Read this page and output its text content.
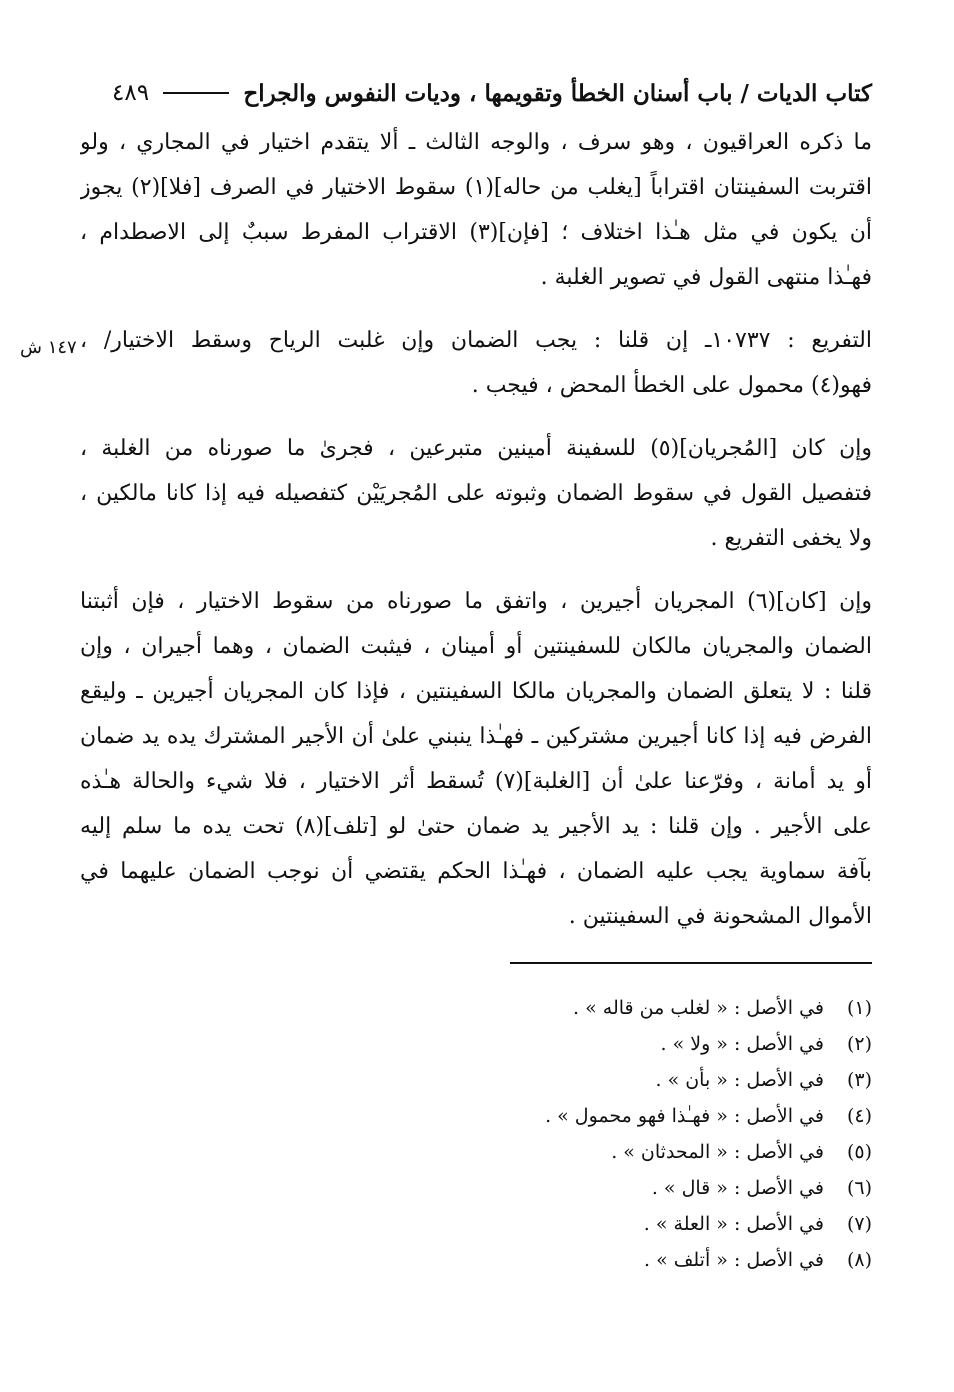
كتاب الديات / باب أسنان الخطأ وتقويمها ، وديات النفوس والجراح
٤٨٩
١٤٧ ش
ما ذكره العراقيون ، وهو سرف ، والوجه الثالث ـ ألا يتقدم اختيار في المجاري ، ولو
اقتربت السفينتان اقتراباً [يغلب من حاله](١) سقوط الاختيار في الصرف [فلا](٢) يجوز
أن يكون في مثل هـٰذا اختلاف ؛ [فإن](٣) الاقتراب المفرط سببٌ إلى الاصطدام ،
فهـٰذا منتهى القول في تصوير الغلبة .
التفريع : ١٠٧٣٧ـ إن قلنا : يجب الضمان وإن غلبت الرياح وسقط الاختيار/ ،
فهو(٤) محمول على الخطأ المحض ، فيجب .
وإن كان [المُجريان](٥) للسفينة أمينين متبرعين ، فجرىٰ ما صورناه من الغلبة ،
فتفصيل القول في سقوط الضمان وثبوته على المُجريَيْن كتفصيله فيه إذا كانا مالكين ،
ولا يخفى التفريع .
وإن [كان](٦) المجريان أجيرين ، واتفق ما صورناه من سقوط الاختيار ، فإن أثبتنا
الضمان والمجريان مالكان للسفينتين أو أمينان ، فيثبت الضمان ، وهما أجيران ، وإن
قلنا : لا يتعلق الضمان والمجريان مالكا السفينتين ، فإذا كان المجريان أجيرين ـ وليقع
الفرض فيه إذا كانا أجيرين مشتركين ـ فهـٰذا ينبني علىٰ أن الأجير المشترك يده يد ضمان
أو يد أمانة ، وفرّعنا علىٰ أن [الغلبة](٧) تُسقط أثر الاختيار ، فلا شيء والحالة هـٰذه
على الأجير . وإن قلنا : يد الأجير يد ضمان حتىٰ لو [تلف](٨) تحت يده ما سلم إليه
بآفة سماوية يجب عليه الضمان ، فهـٰذا الحكم يقتضي أن نوجب الضمان عليهما في
الأموال المشحونة في السفينتين .
(١)
في الأصل : « لغلب من قاله » .
(٢)
في الأصل : « ولا » .
(٣)
في الأصل : « بأن » .
(٤)
في الأصل : « فهـٰذا فهو محمول » .
(٥)
في الأصل : « المحدثان » .
(٦)
في الأصل : « قال » .
(٧)
في الأصل : « العلة » .
(٨)
في الأصل : « أتلف » .
